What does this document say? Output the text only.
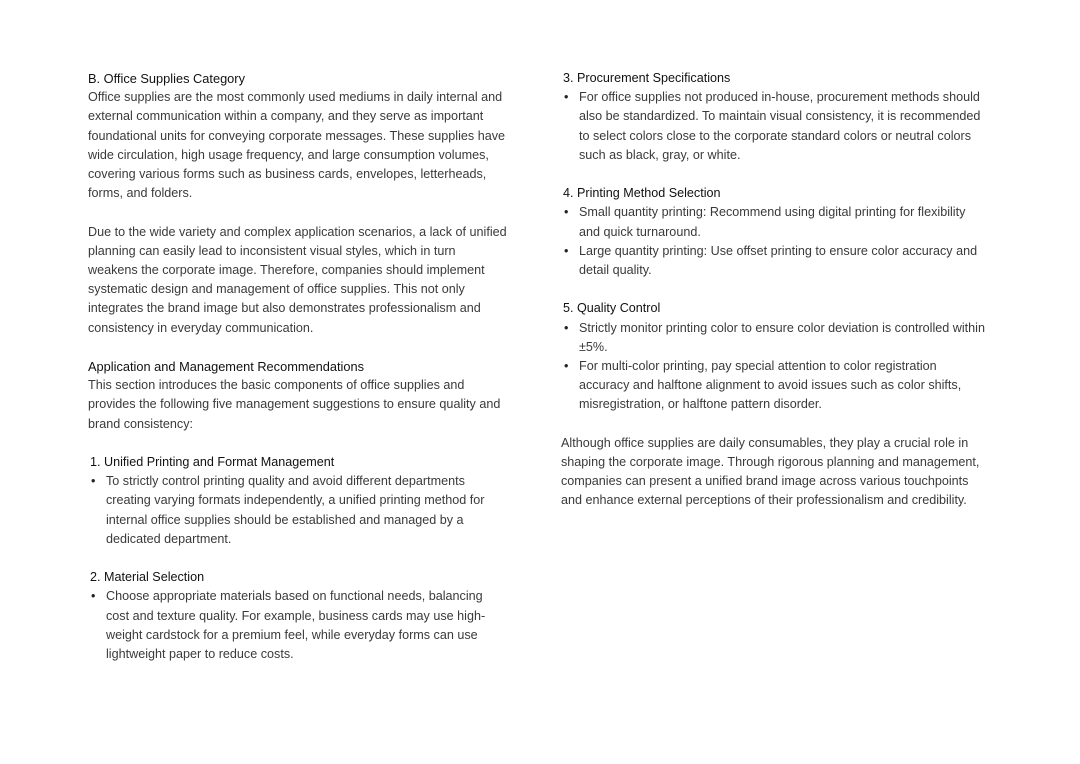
B. Office Supplies Category

Office supplies are the most commonly used mediums in daily internal and external communication within a company, and they serve as important foundational units for conveying corporate messages. These supplies have wide circulation, high usage frequency, and large consumption volumes, covering various forms such as business cards, envelopes, letterheads, forms, and folders.

Due to the wide variety and complex application scenarios, a lack of unified planning can easily lead to inconsistent visual styles, which in turn weakens the corporate image. Therefore, companies should implement systematic design and management of office supplies. This not only integrates the brand image but also demonstrates professionalism and consistency in everyday communication.

Application and Management Recommendations

This section introduces the basic components of office supplies and provides the following five management suggestions to ensure quality and brand consistency:

1. Unified Printing and Format Management

• To strictly control printing quality and avoid different departments creating varying formats independently, a unified printing method for internal office supplies should be established and managed by a dedicated department.

2. Material Selection

• Choose appropriate materials based on functional needs, balancing cost and texture quality. For example, business cards may use high-weight cardstock for a premium feel, while everyday forms can use lightweight paper to reduce costs.

3. Procurement Specifications

• For office supplies not produced in-house, procurement methods should also be standardized. To maintain visual consistency, it is recommended to select colors close to the corporate standard colors or neutral colors such as black, gray, or white.

4. Printing Method Selection

• Small quantity printing: Recommend using digital printing for flexibility and quick turnaround.

• Large quantity printing: Use offset printing to ensure color accuracy and detail quality.

5. Quality Control

• Strictly monitor printing color to ensure color deviation is controlled within ±5%.

• For multi-color printing, pay special attention to color registration accuracy and halftone alignment to avoid issues such as color shifts, misregistration, or halftone pattern disorder.

Although office supplies are daily consumables, they play a crucial role in shaping the corporate image. Through rigorous planning and management, companies can present a unified brand image across various touchpoints and enhance external perceptions of their professionalism and credibility.
